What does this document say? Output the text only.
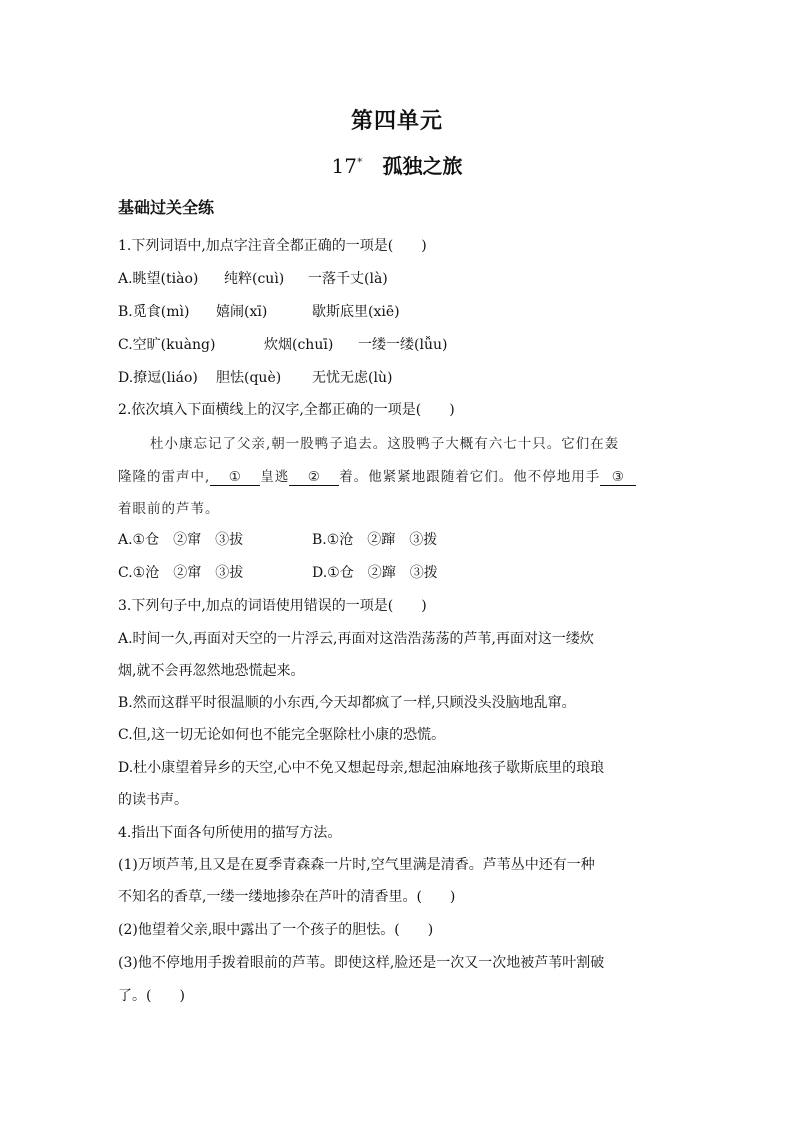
第四单元
17* 孤独之旅
基础过关全练
1.下列词语中,加点字注音全都正确的一项是(　　)
A.眺望(tiào) 纯粹(cuì) 一落千丈(là)
B.觅食(mì) 嬉闹(xī)	歇斯底里(xiē)
C.空旷(kuàng)	炊烟(chuī) 一缕一缕(lǚu)
D.撩逗(liáo) 胆怯(què) 无忧无虑(lù)
2.依次填入下面横线上的汉字,全都正确的一项是(　　)
杜小康忘记了父亲,朝一股鸭子追去。这股鸭子大概有六七十只。它们在轰
隆隆的雷声中, ① 皇逃 ② 着。他紧紧地跟随着它们。他不停地用手 ③
着眼前的芦苇。
A.①仓　②窜　③拔	B.①沧　②蹿　③拨
C.①沧　②窜　③拔	D.①仓　②蹿　③拨
3.下列句子中,加点的词语使用错误的一项是(　　)
A.时间一久,再面对天空的一片浮云,再面对这浩浩荡荡的芦苇,再面对这一缕炊
烟,就不会再忽然地恐慌起来。
B.然而这群平时很温顺的小东西,今天却都疯了一样,只顾没头没脑地乱窜。
C.但,这一切无论如何也不能完全驱除杜小康的恐慌。
D.杜小康望着异乡的天空,心中不免又想起母亲,想起油麻地孩子歇斯底里的琅琅
的读书声。
4.指出下面各句所使用的描写方法。
(1)万顷芦苇,且又是在夏季青森森一片时,空气里满是清香。芦苇丛中还有一种
不知名的香草,一缕一缕地掺杂在芦叶的清香里。(　　)
(2)他望着父亲,眼中露出了一个孩子的胆怯。(　　)
(3)他不停地用手拨着眼前的芦苇。即使这样,脸还是一次又一次地被芦苇叶割破
了。(　　)
